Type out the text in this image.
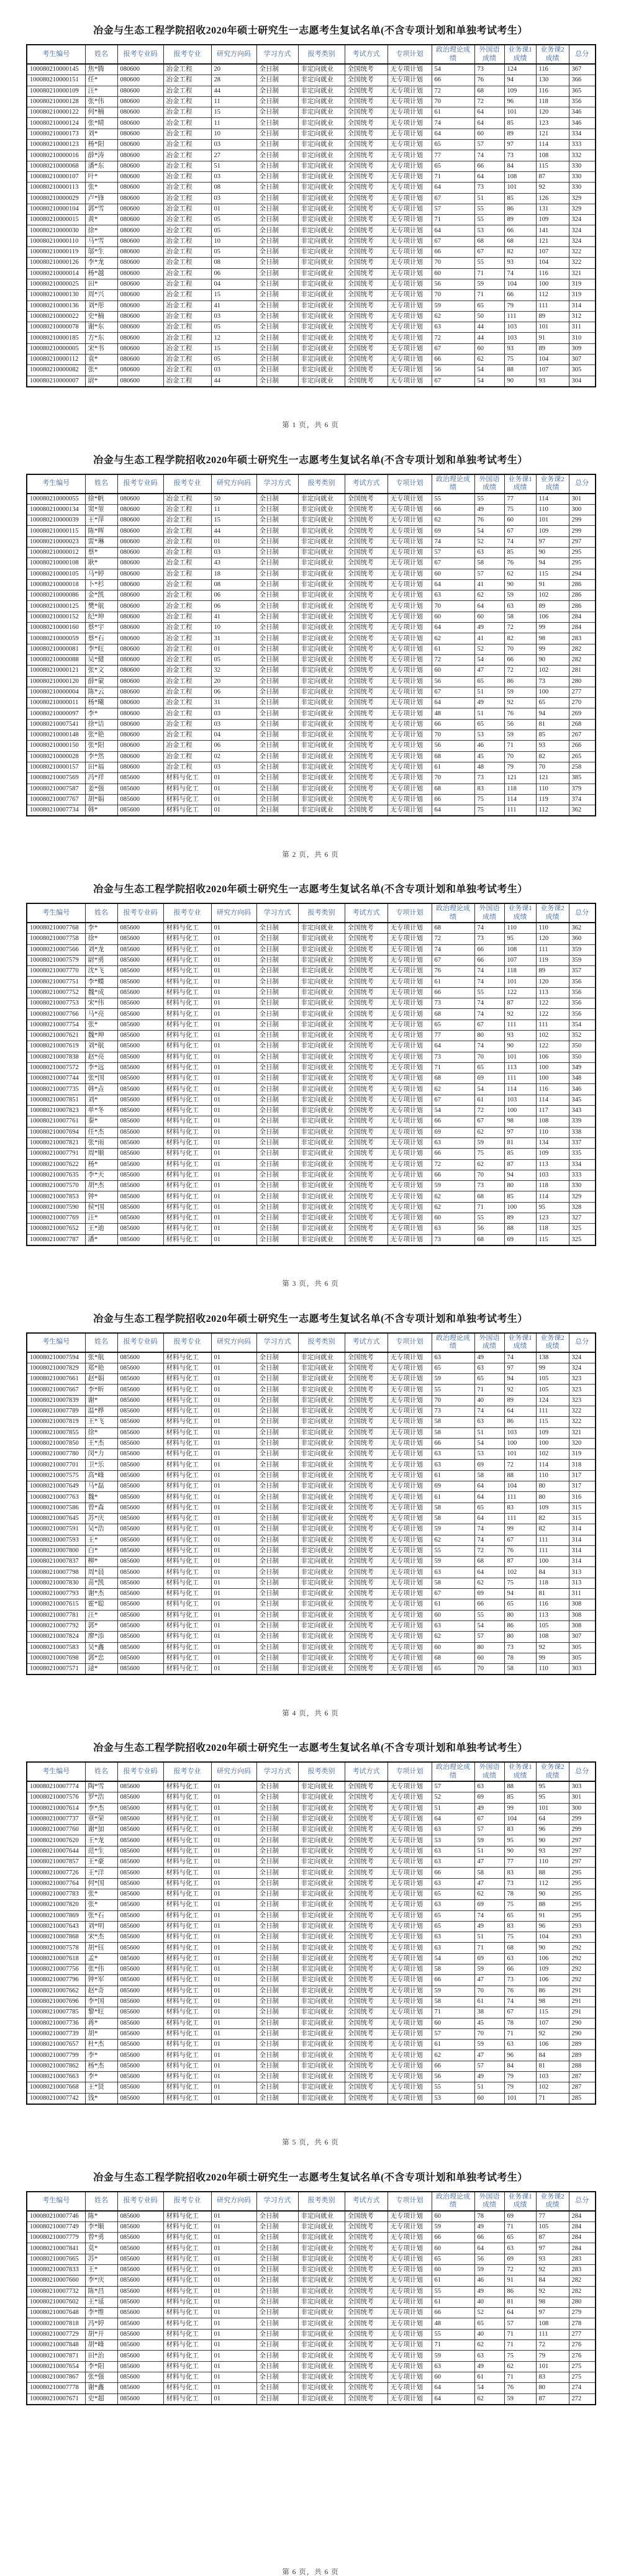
冶金与生态工程学院招收2020年硕士研究生一志愿考生复试名单(不含专项计划和单独考试考生）
考生编号	姓名	报考专业码	报考专业	研究方向码	学习方式	报考类别	考试方式	专项计划	政治理论成绩	外国语成绩	业务课1成绩	业务课2成绩	总分
100080210000145	焦*腾	080600	冶金工程	20	全日制	非定向就业	全国统考	无专项计划	54	73	124	116	367
100080210000151	任*	080600	冶金工程	28	全日制	非定向就业	全国统考	无专项计划	66	76	94	130	366
100080210000109	汪*	080600	冶金工程	44	全日制	非定向就业	全国统考	无专项计划	72	68	109	116	365
100080210000128	张*伟	080600	冶金工程	11	全日制	非定向就业	全国统考	无专项计划	70	72	96	118	356
100080210000122	何*楠	080600	冶金工程	15	全日制	非定向就业	全国统考	无专项计划	61	64	101	120	346
100080210000124	张*晴	080600	冶金工程	11	全日制	非定向就业	全国统考	无专项计划	74	64	85	123	346
100080210000173	刘*	080600	冶金工程	10	全日制	非定向就业	全国统考	无专项计划	64	60	89	121	334
100080210000123	杨*阳	080600	冶金工程	03	全日制	非定向就业	全国统考	无专项计划	65	57	97	114	333
100080210000016	薛*涛	080600	冶金工程	27	全日制	非定向就业	全国统考	无专项计划	77	74	73	108	332
100080210000068	潘*东	080600	冶金工程	51	全日制	非定向就业	全国统考	无专项计划	65	66	84	115	330
100080210000107	叶*	080600	冶金工程	03	全日制	非定向就业	全国统考	无专项计划	71	64	108	87	330
100080210000113	张*	080600	冶金工程	08	全日制	非定向就业	全国统考	无专项计划	64	73	101	92	330
100080210000029	卢*锋	080600	冶金工程	03	全日制	非定向就业	全国统考	无专项计划	67	51	85	126	329
100080210000104	郭*雪	080600	冶金工程	01	全日制	非定向就业	全国统考	无专项计划	57	55	86	131	329
100080210000015	黄*	080600	冶金工程	05	全日制	非定向就业	全国统考	无专项计划	71	55	89	109	324
100080210000030	徐*	080600	冶金工程	05	全日制	非定向就业	全国统考	无专项计划	64	53	66	141	324
100080210000110	马*雪	080600	冶金工程	10	全日制	非定向就业	全国统考	无专项计划	67	68	68	121	324
100080210000119	邬*生	080600	冶金工程	05	全日制	非定向就业	全国统考	无专项计划	66	67	82	107	322
100080210000126	李*龙	080600	冶金工程	08	全日制	非定向就业	全国统考	无专项计划	70	55	93	104	322
100080210000014	杨*越	080600	冶金工程	06	全日制	非定向就业	全国统考	无专项计划	60	71	74	116	321
100080210000025	田*	080600	冶金工程	04	全日制	非定向就业	全国统考	无专项计划	56	59	104	100	319
100080210000130	周*兴	080600	冶金工程	15	全日制	非定向就业	全国统考	无专项计划	70	71	66	112	319
100080210000136	刘*彤	080600	冶金工程	41	全日制	非定向就业	全国统考	无专项计划	59	65	79	111	314
100080210000022	史*楠	080600	冶金工程	03	全日制	非定向就业	全国统考	无专项计划	62	50	111	89	312
100080210000078	谢*东	080600	冶金工程	05	全日制	非定向就业	全国统考	无专项计划	63	44	103	101	311
100080210000185	方*东	080600	冶金工程	12	全日制	非定向就业	全国统考	无专项计划	72	44	103	91	310
100080210000005	宋*书	080600	冶金工程	15	全日制	非定向就业	全国统考	无专项计划	67	60	93	89	309
100080210000112	袁*	080600	冶金工程	05	全日制	非定向就业	全国统考	无专项计划	66	62	75	104	307
100080210000082	张*	080600	冶金工程	03	全日制	非定向就业	全国统考	无专项计划	56	54	88	107	305
100080210000007	尉*	080600	冶金工程	44	全日制	非定向就业	全国统考	无专项计划	67	54	90	93	304
第 1 页，共 6 页
冶金与生态工程学院招收2020年硕士研究生一志愿考生复试名单(不含专项计划和单独考试考生）
考生编号	姓名	报考专业码	报考专业	研究方向码	学习方式	报考类别	考试方式	专项计划	政治理论成绩	外国语成绩	业务课1成绩	业务课2成绩	总分
100080210000055	徐*帆	080600	冶金工程	50	全日制	非定向就业	全国统考	无专项计划	55	55	77	114	301
100080210000134	窦*堃	080600	冶金工程	11	全日制	非定向就业	全国统考	无专项计划	66	49	75	110	300
100080210000039	王*萍	080600	冶金工程	15	全日制	非定向就业	全国统考	无专项计划	62	76	60	101	299
100080210000115	陈*晖	080600	冶金工程	44	全日制	非定向就业	全国统考	无专项计划	69	54	67	109	299
100080210000023	雷*琳	080600	冶金工程	01	全日制	非定向就业	全国统考	无专项计划	74	52	74	97	297
100080210000012	蔡*	080600	冶金工程	03	全日制	非定向就业	全国统考	无专项计划	57	63	85	90	295
100080210000108	耿*	080600	冶金工程	43	全日制	非定向就业	全国统考	无专项计划	67	58	76	94	295
100080210000105	马*婷	080600	冶金工程	18	全日制	非定向就业	全国统考	无专项计划	60	57	62	115	294
100080210000018	卜*杉	080600	冶金工程	08	全日制	非定向就业	全国统考	无专项计划	64	41	90	91	286
100080210000086	金*凯	080600	冶金工程	06	全日制	非定向就业	全国统考	无专项计划	63	62	59	102	286
100080210000125	樊*航	080600	冶金工程	06	全日制	非定向就业	全国统考	无专项计划	70	64	63	89	286
100080210000152	纪*坤	080600	冶金工程	41	全日制	非定向就业	全国统考	无专项计划	60	60	58	106	284
100080210000160	蔡*宇	080600	冶金工程	10	全日制	非定向就业	全国统考	无专项计划	64	49	72	99	284
100080210000059	蔡*石	080600	冶金工程	31	全日制	非定向就业	全国统考	无专项计划	62	41	82	98	283
100080210000081	李*旺	080600	冶金工程	01	全日制	非定向就业	全国统考	无专项计划	61	52	70	99	282
100080210000088	吴*健	080600	冶金工程	05	全日制	非定向就业	全国统考	无专项计划	72	54	66	90	282
100080210000121	张*文	080600	冶金工程	32	全日制	非定向就业	全国统考	无专项计划	60	47	72	102	281
100080210000120	薛*蒙	080600	冶金工程	20	全日制	非定向就业	全国统考	无专项计划	56	65	86	73	280
100080210000004	陈*云	080600	冶金工程	06	全日制	非定向就业	全国统考	无专项计划	67	51	59	100	277
100080210000011	杨*曦	080600	冶金工程	31	全日制	非定向就业	全国统考	无专项计划	64	49	92	65	270
100080210000097	李*	080600	冶金工程	03	全日制	非定向就业	全国统考	无专项计划	48	51	76	94	269
100080210007541	徐*诘	080600	冶金工程	03	全日制	非定向就业	全国统考	无专项计划	66	65	56	81	268
100080210000148	张*艳	080600	冶金工程	04	全日制	非定向就业	全国统考	无专项计划	70	53	59	85	267
100080210000150	张*阳	080600	冶金工程	06	全日制	非定向就业	全国统考	无专项计划	56	46	71	93	266
100080210000028	李*然	080600	冶金工程	02	全日制	非定向就业	全国统考	无专项计划	68	45	70	82	265
100080210000157	田*福	080600	冶金工程	03	全日制	非定向就业	全国统考	无专项计划	61	48	79	70	258
100080210007569	冯*祥	085600	材料与化工	01	全日制	非定向就业	全国统考	无专项计划	70	73	121	121	385
100080210007587	姜*强	085600	材料与化工	01	全日制	非定向就业	全国统考	无专项计划	68	83	118	110	379
100080210007767	胡*娟	085600	材料与化工	01	全日制	非定向就业	全国统考	无专项计划	66	75	114	119	374
100080210007734	韩*	085600	材料与化工	01	全日制	非定向就业	全国统考	无专项计划	64	75	111	112	362
第 2 页，共 6 页
冶金与生态工程学院招收2020年硕士研究生一志愿考生复试名单(不含专项计划和单独考试考生）
考生编号	姓名	报考专业码	报考专业	研究方向码	学习方式	报考类别	考试方式	专项计划	政治理论成绩	外国语成绩	业务课1成绩	业务课2成绩	总分
100080210007768	李*	085600	材料与化工	01	全日制	非定向就业	全国统考	无专项计划	68	74	110	110	362
100080210007758	徐*	085600	材料与化工	01	全日制	非定向就业	全国统考	无专项计划	72	73	95	120	360
100080210007566	刘*龙	085600	材料与化工	01	全日制	非定向就业	全国统考	无专项计划	74	66	108	111	359
100080210007579	尉*勇	085600	材料与化工	01	全日制	非定向就业	全国统考	无专项计划	67	66	107	119	359
100080210007770	沈*飞	085600	材料与化工	01	全日制	非定向就业	全国统考	无专项计划	76	74	118	89	357
100080210007751	李*蝶	085600	材料与化工	01	全日制	非定向就业	全国统考	无专项计划	61	74	101	120	356
100080210007752	魏*成	085600	材料与化工	01	全日制	非定向就业	全国统考	无专项计划	66	55	122	113	356
100080210007753	宋*伟	085600	材料与化工	01	全日制	非定向就业	全国统考	无专项计划	73	74	87	122	356
100080210007766	马*亮	085600	材料与化工	01	全日制	非定向就业	全国统考	无专项计划	68	74	92	122	356
100080210007754	张*	085600	材料与化工	01	全日制	非定向就业	全国统考	无专项计划	65	67	111	111	354
100080210007621	魏*坤	085600	材料与化工	01	全日制	非定向就业	全国统考	无专项计划	77	80	93	102	352
100080210007619	刘*航	085600	材料与化工	01	全日制	非定向就业	全国统考	无专项计划	64	74	90	122	350
100080210007838	赵*亮	085600	材料与化工	01	全日制	非定向就业	全国统考	无专项计划	73	70	101	106	350
100080210007572	李*远	085600	材料与化工	01	全日制	非定向就业	全国统考	无专项计划	71	65	113	100	349
100080210007744	张*国	085600	材料与化工	01	全日制	非定向就业	全国统考	无专项计划	68	69	111	100	348
100080210007735	韩*垚	085600	材料与化工	01	全日制	非定向就业	全国统考	无专项计划	62	54	114	116	346
100080210007851	刘*	085600	材料与化工	01	全日制	非定向就业	全国统考	无专项计划	67	61	103	114	345
100080210007823	单*冬	085600	材料与化工	01	全日制	非定向就业	全国统考	无专项计划	54	72	100	117	343
100080210007761	秦*	085600	材料与化工	01	全日制	非定向就业	全国统考	无专项计划	66	67	98	108	339
100080210007694	任*杰	085600	材料与化工	01	全日制	非定向就业	全国统考	无专项计划	69	62	97	110	338
100080210007821	张*雨	085600	材料与化工	01	全日制	非定向就业	全国统考	无专项计划	63	59	81	134	337
100080210007791	周*顺	085600	材料与化工	01	全日制	非定向就业	全国统考	无专项计划	66	75	85	109	335
100080210007622	杨*	085600	材料与化工	01	全日制	非定向就业	全国统考	无专项计划	72	62	87	113	334
100080210007635	李*天	085600	材料与化工	01	全日制	非定向就业	全国统考	无专项计划	66	70	94	103	333
100080210007570	胡*杰	085600	材料与化工	01	全日制	非定向就业	全国统考	无专项计划	59	73	80	118	330
100080210007853	钟*	085600	材料与化工	01	全日制	非定向就业	全国统考	无专项计划	62	68	85	114	329
100080210007590	侯*国	085600	材料与化工	01	全日制	非定向就业	全国统考	无专项计划	62	71	100	95	328
100080210007769	汪*	085600	材料与化工	01	全日制	非定向就业	全国统考	无专项计划	60	55	89	123	327
100080210007652	王*迪	085600	材料与化工	01	全日制	非定向就业	全国统考	无专项计划	63	56	88	118	325
100080210007787	潘*	085600	材料与化工	01	全日制	非定向就业	全国统考	无专项计划	73	68	69	115	325
第 3 页，共 6 页
冶金与生态工程学院招收2020年硕士研究生一志愿考生复试名单(不含专项计划和单独考试考生）
考生编号	姓名	报考专业码	报考专业	研究方向码	学习方式	报考类别	考试方式	专项计划	政治理论成绩	外国语成绩	业务课1成绩	业务课2成绩	总分
100080210007594	张*航	085600	材料与化工	01	全日制	非定向就业	全国统考	无专项计划	63	49	74	138	324
100080210007829	郑*艳	085600	材料与化工	01	全日制	非定向就业	全国统考	无专项计划	65	63	97	99	324
100080210007661	赵*娟	085600	材料与化工	01	全日制	非定向就业	全国统考	无专项计划	59	65	94	105	323
100080210007667	李*昕	085600	材料与化工	01	全日制	非定向就业	全国统考	无专项计划	55	71	92	105	323
100080210007839	谢*	085600	材料与化工	01	全日制	非定向就业	全国统考	无专项计划	70	40	89	124	323
100080210007789	温*桦	085600	材料与化工	01	全日制	非定向就业	全国统考	无专项计划	73	74	64	111	322
100080210007819	王*飞	085600	材料与化工	01	全日制	非定向就业	全国统考	无专项计划	58	63	86	115	322
100080210007855	徐*	085600	材料与化工	01	全日制	非定向就业	全国统考	无专项计划	58	51	103	109	321
100080210007850	王*杰	085600	材料与化工	01	全日制	非定向就业	全国统考	无专项计划	66	54	100	100	320
100080210007780	闵*力	085600	材料与化工	01	全日制	非定向就业	全国统考	无专项计划	63	53	101	102	319
100080210007701	卫*乐	085600	材料与化工	01	全日制	非定向就业	全国统考	无专项计划	63	69	72	114	318
100080210007575	高*峰	085600	材料与化工	01	全日制	非定向就业	全国统考	无专项计划	61	58	88	110	317
100080210007649	马*磊	085600	材料与化工	01	全日制	非定向就业	全国统考	无专项计划	69	64	104	80	317
100080210007763	魏*	085600	材料与化工	01	全日制	非定向就业	全国统考	无专项计划	61	64	111	80	316
100080210007586	曾*森	085600	材料与化工	01	全日制	非定向就业	全国统考	无专项计划	58	65	83	109	315
100080210007645	苏*庆	085600	材料与化工	01	全日制	非定向就业	全国统考	无专项计划	58	64	111	82	315
100080210007591	吴*浩	085600	材料与化工	01	全日制	非定向就业	全国统考	无专项计划	59	74	99	82	314
100080210007593	王*	085600	材料与化工	01	全日制	非定向就业	全国统考	无专项计划	62	74	67	111	314
100080210007800	白*	085600	材料与化工	01	全日制	非定向就业	全国统考	无专项计划	55	72	76	111	314
100080210007837	柳*	085600	材料与化工	01	全日制	非定向就业	全国统考	无专项计划	59	68	87	100	314
100080210007798	周*晨	085600	材料与化工	01	全日制	非定向就业	全国统考	无专项计划	63	64	102	84	313
100080210007830	苗*凯	085600	材料与化工	01	全日制	非定向就业	全国统考	无专项计划	58	62	75	118	313
100080210007793	谢*杰	085600	材料与化工	01	全日制	非定向就业	全国统考	无专项计划	67	69	94	81	311
100080210007615	霍*聪	085600	材料与化工	01	全日制	非定向就业	全国统考	无专项计划	61	66	65	116	308
100080210007781	汪*	085600	材料与化工	01	全日制	非定向就业	全国统考	无专项计划	60	55	80	113	308
100080210007792	郭*	085600	材料与化工	01	全日制	非定向就业	全国统考	无专项计划	63	54	86	105	308
100080210007824	廖*添	085600	材料与化工	01	全日制	非定向就业	全国统考	无专项计划	62	57	80	108	307
100080210007583	吴*鑫	085600	材料与化工	01	全日制	非定向就业	全国统考	无专项计划	60	80	73	92	305
100080210007698	郭*忠	085600	材料与化工	01	全日制	非定向就业	全国统考	无专项计划	68	60	78	99	305
100080210007571	逯*	085600	材料与化工	01	全日制	非定向就业	全国统考	无专项计划	65	70	58	110	303
第 4 页，共 6 页
冶金与生态工程学院招收2020年硕士研究生一志愿考生复试名单(不含专项计划和单独考试考生）
考生编号	姓名	报考专业码	报考专业	研究方向码	学习方式	报考类别	考试方式	专项计划	政治理论成绩	外国语成绩	业务课1成绩	业务课2成绩	总分
100080210007774	陶*雪	085600	材料与化工	01	全日制	非定向就业	全国统考	无专项计划	57	63	88	95	303
100080210007576	罗*浩	085600	材料与化工	01	全日制	非定向就业	全国统考	无专项计划	52	69	85	95	301
100080210007614	李*杰	085600	材料与化工	01	全日制	非定向就业	全国统考	无专项计划	51	49	99	101	300
100080210007737	章*荣	085600	材料与化工	01	全日制	非定向就业	全国统考	无专项计划	64	67	104	64	299
100080210007760	谢*加	085600	材料与化工	01	全日制	非定向就业	全国统考	无专项计划	63	57	83	96	299
100080210007620	王*龙	085600	材料与化工	01	全日制	非定向就业	全国统考	无专项计划	53	59	95	90	297
100080210007644	范*生	085600	材料与化工	01	全日制	非定向就业	全国统考	无专项计划	63	51	90	93	297
100080210007857	王*豪	085600	材料与化工	01	全日制	非定向就业	全国统考	无专项计划	63	47	77	110	297
100080210007726	王*洋	085600	材料与化工	01	全日制	非定向就业	全国统考	无专项计划	66	58	83	88	295
100080210007764	何*国	085600	材料与化工	01	全日制	非定向就业	全国统考	无专项计划	63	47	73	112	295
100080210007783	张*	085600	材料与化工	01	全日制	非定向就业	全国统考	无专项计划	65	62	78	90	295
100080210007820	张*	085600	材料与化工	01	全日制	非定向就业	全国统考	无专项计划	63	69	75	88	295
100080210007869	张*石	085600	材料与化工	01	全日制	非定向就业	全国统考	无专项计划	65	74	65	91	295
100080210007643	刘*明	085600	材料与化工	01	全日制	非定向就业	全国统考	无专项计划	65	49	83	96	293
100080210007868	宋*杰	085600	材料与化工	01	全日制	非定向就业	全国统考	无专项计划	63	51	75	104	293
100080210007578	胡*钰	085600	材料与化工	01	全日制	非定向就业	全国统考	无专项计划	63	71	68	90	292
100080210007618	孟*	085600	材料与化工	01	全日制	非定向就业	全国统考	无专项计划	54	69	63	106	292
100080210007756	张*伟	085600	材料与化工	01	全日制	非定向就业	全国统考	无专项计划	58	59	66	109	292
100080210007796	钟*军	085600	材料与化工	01	全日制	非定向就业	全国统考	无专项计划	66	47	73	106	292
100080210007662	赵*奇	085600	材料与化工	01	全日制	非定向就业	全国统考	无专项计划	59	70	76	86	291
100080210007696	李*国	085600	材料与化工	01	全日制	非定向就业	全国统考	无专项计划	58	61	74	98	291
100080210007785	黎*旺	085600	材料与化工	01	全日制	非定向就业	全国统考	无专项计划	71	38	67	115	291
100080210007736	蒋*	085600	材料与化工	01	全日制	非定向就业	全国统考	无专项计划	60	45	78	107	290
100080210007739	胡*	085600	材料与化工	01	全日制	非定向就业	全国统考	无专项计划	57	70	71	92	290
100080210007657	杜*杰	085600	材料与化工	01	全日制	非定向就业	全国统考	无专项计划	61	59	63	106	289
100080210007799	李*	085600	材料与化工	01	全日制	非定向就业	全国统考	无专项计划	62	47	96	84	289
100080210007862	杨*杰	085600	材料与化工	01	全日制	非定向就业	全国统考	无专项计划	66	57	84	81	288
100080210007663	李*	085600	材料与化工	01	全日制	非定向就业	全国统考	无专项计划	56	49	79	103	287
100080210007668	王*贤	085600	材料与化工	01	全日制	非定向就业	全国统考	无专项计划	55	51	79	102	287
100080210007742	钱*	085600	材料与化工	01	全日制	非定向就业	全国统考	无专项计划	53	60	101	71	285
第 5 页，共 6 页
冶金与生态工程学院招收2020年硕士研究生一志愿考生复试名单(不含专项计划和单独考试考生）
考生编号	姓名	报考专业码	报考专业	研究方向码	学习方式	报考类别	考试方式	专项计划	政治理论成绩	外国语成绩	业务课1成绩	业务课2成绩	总分
100080210007746	陈*	085600	材料与化工	01	全日制	非定向就业	全国统考	无专项计划	60	78	69	77	284
100080210007749	李*顺	085600	材料与化工	01	全日制	非定向就业	全国统考	无专项计划	59	49	71	105	284
100080210007779	曾*勇	085600	材料与化工	01	全日制	非定向就业	全国统考	无专项计划	66	66	65	87	284
100080210007841	莫*	085600	材料与化工	01	全日制	非定向就业	全国统考	无专项计划	60	64	63	97	284
100080210007665	苏*	085600	材料与化工	01	全日制	非定向就业	全国统考	无专项计划	65	56	69	93	283
100080210007833	王*	085600	材料与化工	01	全日制	非定向就业	全国统考	无专项计划	60	59	72	92	283
100080210007660	李*庆	085600	材料与化工	01	全日制	非定向就业	全国统考	无专项计划	61	46	91	84	282
100080210007732	陈*昌	085600	材料与化工	01	全日制	非定向就业	全国统考	无专项计划	55	49	86	92	282
100080210007602	王*延	085600	材料与化工	01	全日制	非定向就业	全国统考	无专项计划	61	40	81	98	280
100080210007648	李*维	085600	材料与化工	01	全日制	非定向就业	全国统考	无专项计划	66	52	64	97	279
100080210007818	冯*婷	085600	材料与化工	01	全日制	非定向就业	全国统考	无专项计划	48	65	57	108	278
100080210007729	胡*开	085600	材料与化工	01	全日制	非定向就业	全国统考	无专项计划	55	40	71	111	277
100080210007848	胡*峰	085600	材料与化工	01	全日制	非定向就业	全国统考	无专项计划	71	62	71	72	276
100080210007871	田*治	085600	材料与化工	01	全日制	非定向就业	全国统考	无专项计划	59	63	75	79	276
100080210007654	李*阳	085600	材料与化工	01	全日制	非定向就业	全国统考	无专项计划	63	49	62	101	275
100080210007867	张*强	085600	材料与化工	01	全日制	非定向就业	全国统考	无专项计划	60	61	71	83	275
100080210007778	谢*鑫	085600	材料与化工	01	全日制	非定向就业	全国统考	无专项计划	64	54	76	80	274
100080210007671	史*超	085600	材料与化工	01	全日制	非定向就业	全国统考	无专项计划	64	62	59	87	272
第 6 页，共 6 页
